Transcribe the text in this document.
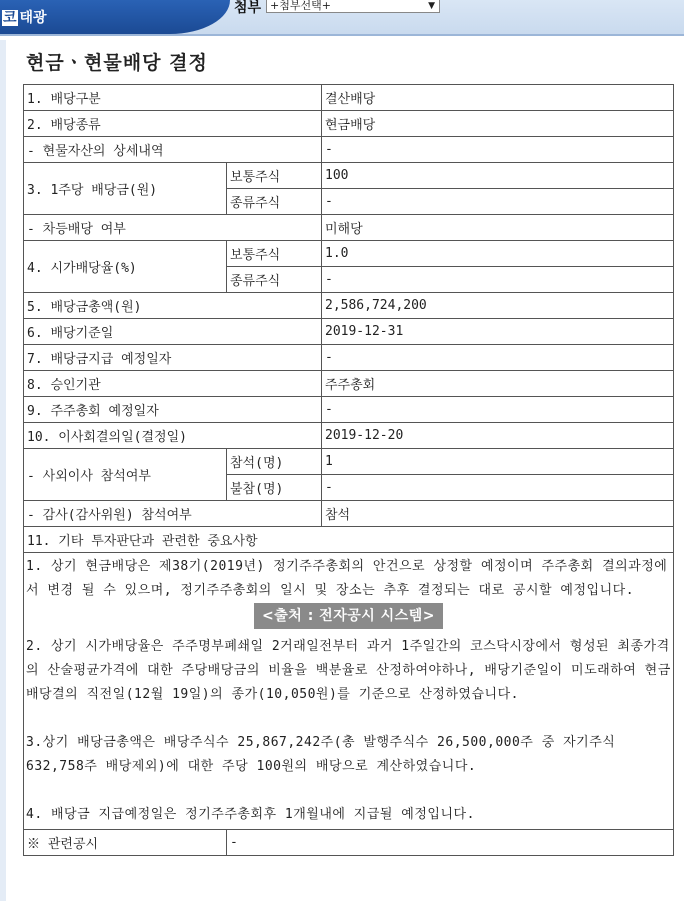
코 태광
첨부 +첨부선택+	▼
현금ㆍ현물배당 결정
1. 배당구분		결산배당
2. 배당종류		현금배당
- 현물자산의 상세내역		-
3. 1주당 배당금(원)	보통주식	100
	종류주식	-
- 차등배당 여부		미해당
4. 시가배당율(%)	보통주식	1.0
	종류주식	-
5. 배당금총액(원)		2,586,724,200
6. 배당기준일		2019-12-31
7. 배당금지급 예정일자		-
8. 승인기관		주주총회
9. 주주총회 예정일자		-
10. 이사회결의일(결정일)		2019-12-20
- 사외이사 참석여부	참석(명)	1
	불참(명)	-
- 감사(감사위원) 참석여부		참석
11. 기타 투자판단과 관련한 중요사항		

1. 상기 현금배당은 제38기(2019년) 정기주주총회의 안건으로 상정할 예정이며 주주총회 결의과정에서 변경 될 수 있으며, 정기주주총회의 일시 및 장소는 추후 결정되는 대로 공시할 예정입니다.

<출처 : 전자공시 시스템>

2. 상기 시가배당율은 주주명부폐쇄일 2거래일전부터 과거 1주일간의 코스닥시장에서 형성된 최종가격의 산술평균가격에 대한 주당배당금의 비율을 백분율로 산정하여야하나, 배당기준일이 미도래하여 현금배당결의 직전일(12월 19일)의 종가(10,050원)를 기준으로 산정하였습니다.

3.상기 배당금총액은 배당주식수 25,867,242주(총 발행주식수 26,500,000주 중 자기주식 632,758주 배당제외)에 대한 주당 100원의 배당으로 계산하였습니다.

4. 배당금 지급예정일은 정기주주총회후 1개월내에 지급될 예정입니다.		

※ 관련공시	-	
